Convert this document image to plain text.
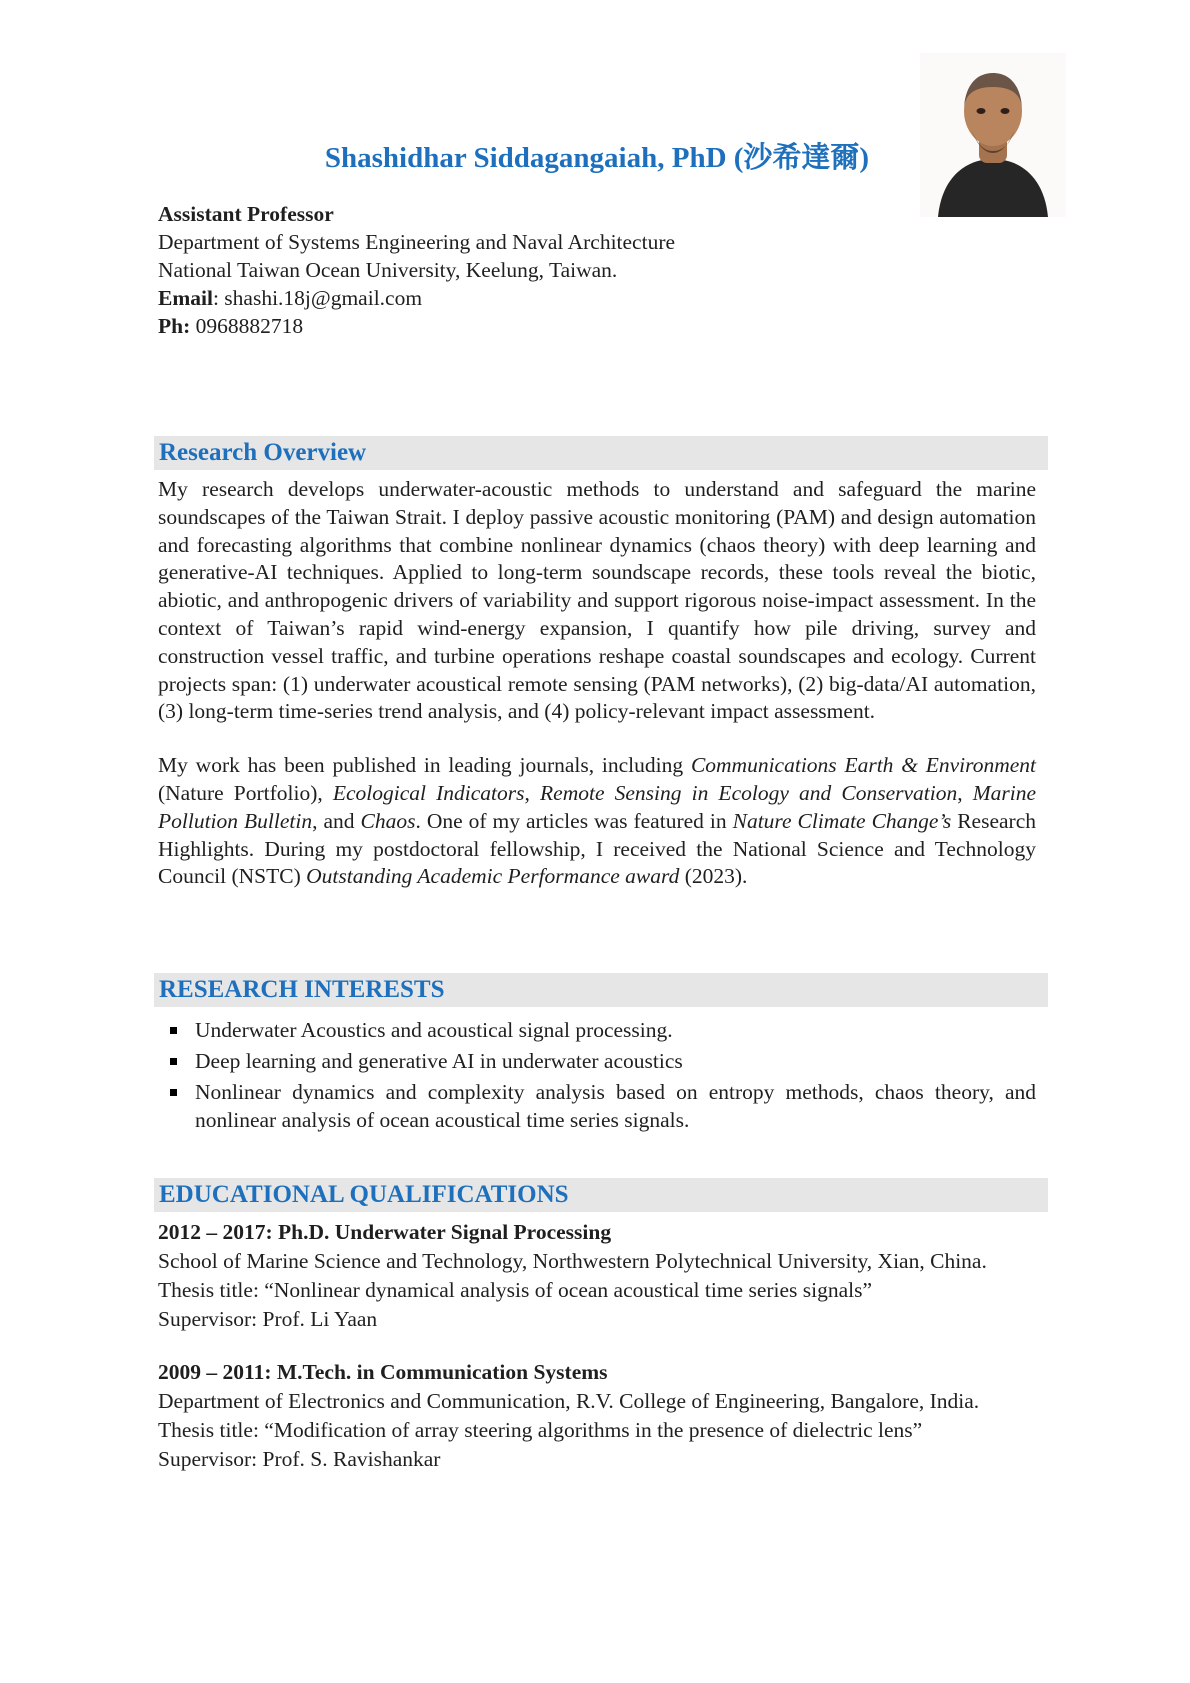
Shashidhar Siddagangaiah, PhD (沙希達爾)
Assistant Professor
Department of Systems Engineering and Naval Architecture
National Taiwan Ocean University, Keelung, Taiwan.
Email: shashi.18j@gmail.com
Ph: 0968882718
Research Overview
My research develops underwater-acoustic methods to understand and safeguard the marine soundscapes of the Taiwan Strait. I deploy passive acoustic monitoring (PAM) and design automation and forecasting algorithms that combine nonlinear dynamics (chaos theory) with deep learning and generative-AI techniques. Applied to long-term soundscape records, these tools reveal the biotic, abiotic, and anthropogenic drivers of variability and support rigorous noise-impact assessment. In the context of Taiwan’s rapid wind-energy expansion, I quantify how pile driving, survey and construction vessel traffic, and turbine operations reshape coastal soundscapes and ecology. Current projects span: (1) underwater acoustical remote sensing (PAM networks), (2) big-data/AI automation, (3) long-term time-series trend analysis, and (4) policy-relevant impact assessment.
My work has been published in leading journals, including Communications Earth & Environment (Nature Portfolio), Ecological Indicators, Remote Sensing in Ecology and Conservation, Marine Pollution Bulletin, and Chaos. One of my articles was featured in Nature Climate Change’s Research Highlights. During my postdoctoral fellowship, I received the National Science and Technology Council (NSTC) Outstanding Academic Performance award (2023).
RESEARCH INTERESTS
Underwater Acoustics and acoustical signal processing.
Deep learning and generative AI in underwater acoustics
Nonlinear dynamics and complexity analysis based on entropy methods, chaos theory, and nonlinear analysis of ocean acoustical time series signals.
EDUCATIONAL QUALIFICATIONS
2012 – 2017: Ph.D. Underwater Signal Processing
School of Marine Science and Technology, Northwestern Polytechnical University, Xian, China.
Thesis title: “Nonlinear dynamical analysis of ocean acoustical time series signals”
Supervisor: Prof. Li Yaan
2009 – 2011: M.Tech. in Communication Systems
Department of Electronics and Communication, R.V. College of Engineering, Bangalore, India.
Thesis title: “Modification of array steering algorithms in the presence of dielectric lens”
Supervisor: Prof. S. Ravishankar
